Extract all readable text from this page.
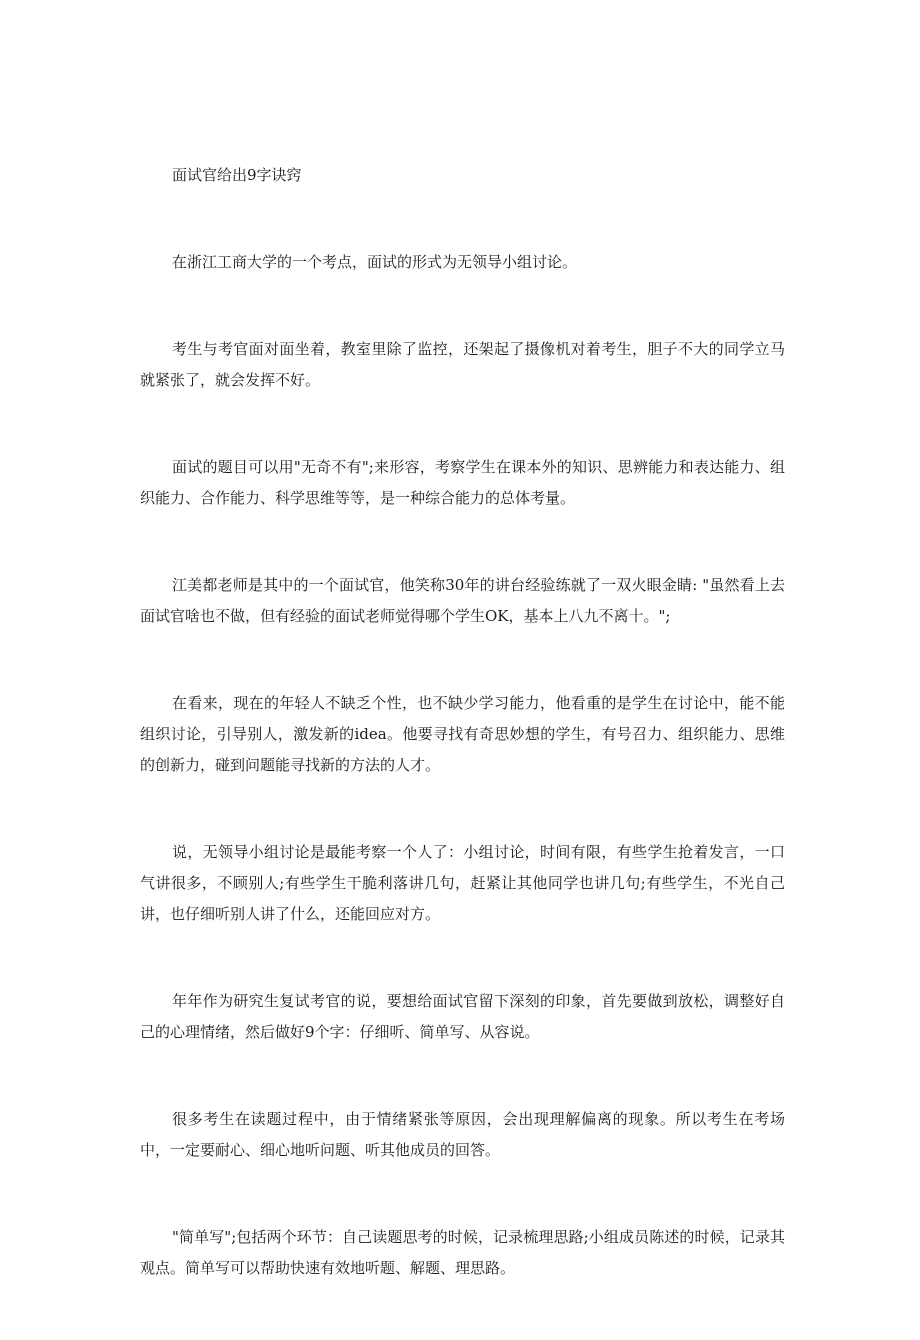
面试官给出9字诀窍

在浙江工商大学的一个考点，面试的形式为无领导小组讨论。

考生与考官面对面坐着，教室里除了监控，还架起了摄像机对着考生，胆子不大的同学立马就紧张了，就会发挥不好。

面试的题目可以用"无奇不有";来形容，考察学生在课本外的知识、思辨能力和表达能力、组织能力、合作能力、科学思维等等，是一种综合能力的总体考量。

江美都老师是其中的一个面试官，他笑称30年的讲台经验练就了一双火眼金睛: "虽然看上去面试官啥也不做，但有经验的面试老师觉得哪个学生OK，基本上八九不离十。";

在看来，现在的年轻人不缺乏个性，也不缺少学习能力，他看重的是学生在讨论中，能不能组织讨论，引导别人，激发新的idea。他要寻找有奇思妙想的学生，有号召力、组织能力、思维的创新力，碰到问题能寻找新的方法的人才。

说，无领导小组讨论是最能考察一个人了：小组讨论，时间有限，有些学生抢着发言，一口气讲很多，不顾别人;有些学生干脆利落讲几句，赶紧让其他同学也讲几句;有些学生，不光自己讲，也仔细听别人讲了什么，还能回应对方。

年年作为研究生复试考官的说，要想给面试官留下深刻的印象，首先要做到放松，调整好自己的心理情绪，然后做好9个字：仔细听、简单写、从容说。

很多考生在读题过程中，由于情绪紧张等原因，会出现理解偏离的现象。所以考生在考场中，一定要耐心、细心地听问题、听其他成员的回答。

"简单写";包括两个环节：自己读题思考的时候，记录梳理思路;小组成员陈述的时候，记录其观点。简单写可以帮助快速有效地听题、解题、理思路。
